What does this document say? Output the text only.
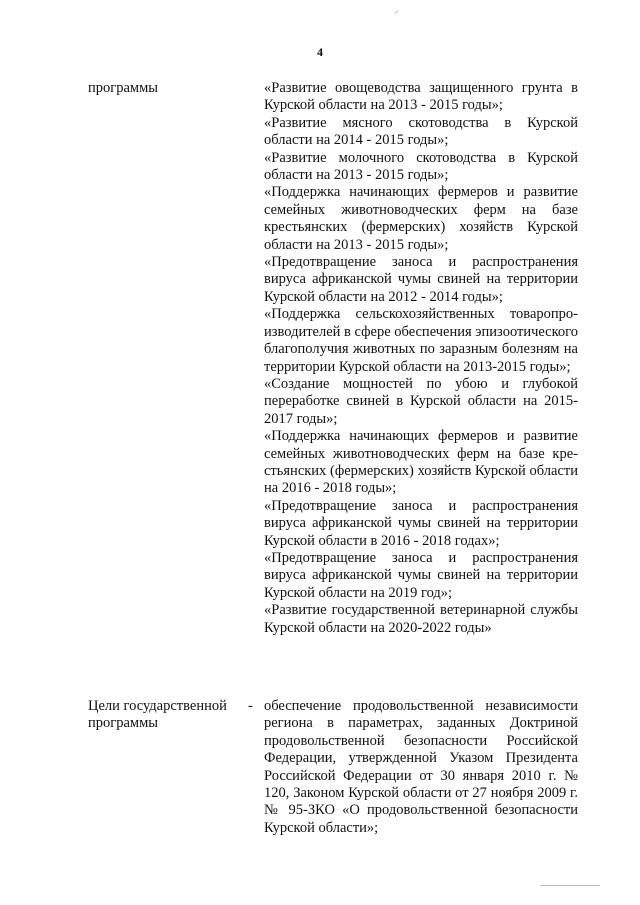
⸝
4
программы	«Развитие овощеводства защищенного грунта в Курской области на 2013 - 2015 годы»;

«Развитие мясного скотоводства в Курской области на 2014 - 2015 годы»;

«Развитие молочного скотоводства в Курской области на 2013 - 2015 годы»;

«Поддержка начинающих фермеров и развитие семейных животноводческих ферм на базе крестьянских (фермерских) хозяйств Курской области на 2013 - 2015 годы»;

«Предотвращение заноса и распространения вируса африканской чумы свиней на территории Курской области на 2012 - 2014 годы»;

«Поддержка сельскохозяйственных товаропроизводителей в сфере обеспечения эпизоотического благополучия животных по заразным болезням на территории Курской области на 2013-2015 годы»;

«Создание мощностей по убою и глубокой переработке свиней в Курской области на 2015-2017 годы»;

«Поддержка начинающих фермеров и развитие семейных животноводческих ферм на базе крестьянских (фермерских) хозяйств Курской области на 2016 - 2018 годы»;

«Предотвращение заноса и распространения вируса африканской чумы свиней на территории Курской области в 2016 - 2018 годах»;

«Предотвращение заноса и распространения вируса африканской чумы свиней на территории Курской области на 2019 год»;

«Развитие государственной ветеринарной службы Курской области на 2020-2022 годы»

Цели государственной программы
- обеспечение продовольственной независимости региона в параметрах, заданных Доктриной продовольственной безопасности Российской Федерации, утвержденной Указом Президента Российской Федерации от 30 января 2010 г. № 120, Законом Курской области от 27 ноября 2009 г. № 95-ЗКО «О продовольственной безопасности Курской области»;
